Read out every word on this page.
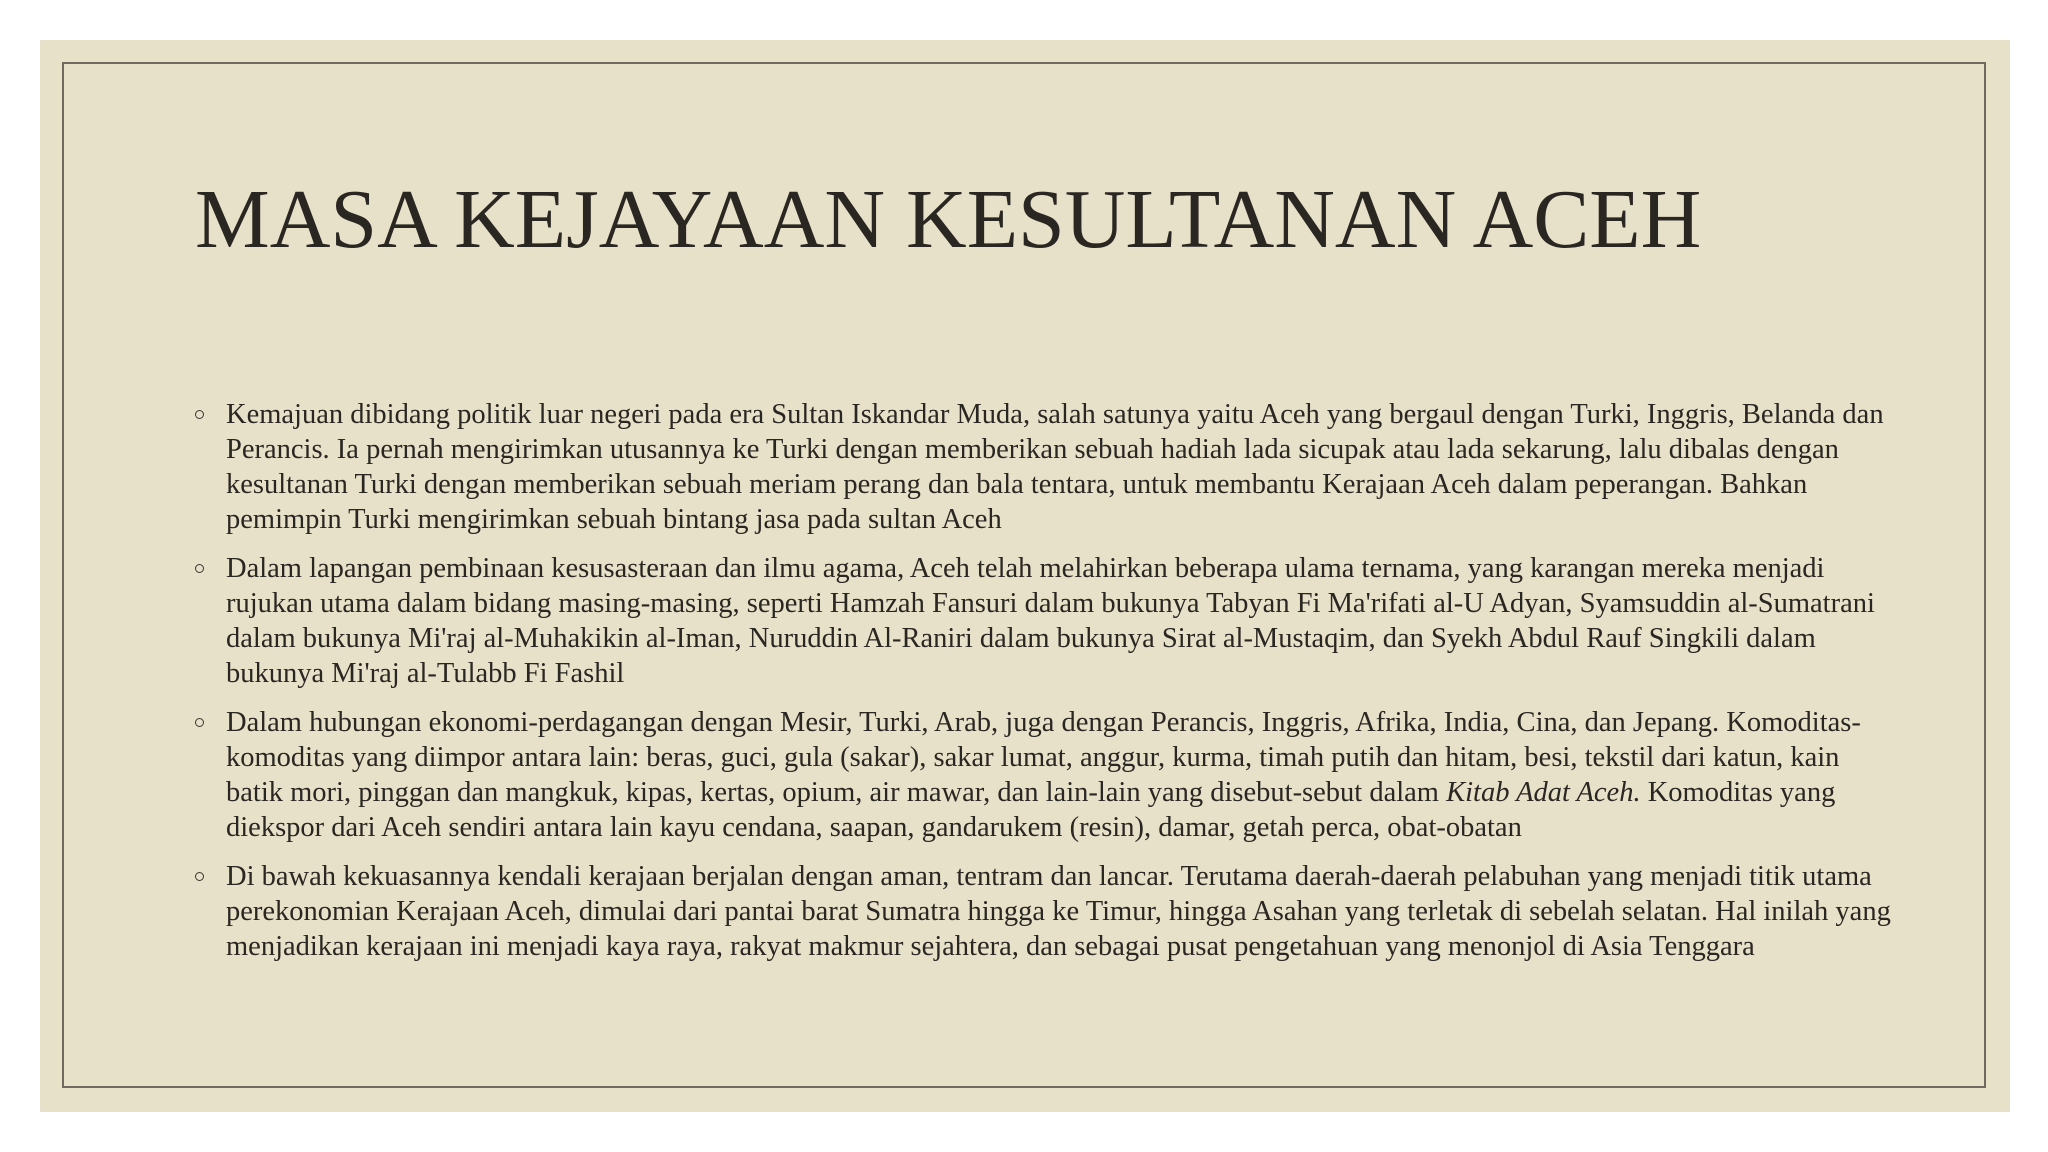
MASA KEJAYAAN KESULTANAN ACEH
Kemajuan dibidang politik luar negeri pada era Sultan Iskandar Muda, salah satunya yaitu Aceh yang bergaul dengan Turki, Inggris, Belanda dan Perancis. Ia pernah mengirimkan utusannya ke Turki dengan memberikan sebuah hadiah lada sicupak atau lada sekarung, lalu dibalas dengan kesultanan Turki dengan memberikan sebuah meriam perang dan bala tentara, untuk membantu Kerajaan Aceh dalam peperangan. Bahkan pemimpin Turki mengirimkan sebuah bintang jasa pada sultan Aceh
Dalam lapangan pembinaan kesusasteraan dan ilmu agama, Aceh telah melahirkan beberapa ulama ternama, yang karangan mereka menjadi rujukan utama dalam bidang masing-masing, seperti Hamzah Fansuri dalam bukunya Tabyan Fi Ma'rifati al-U Adyan, Syamsuddin al-Sumatrani dalam bukunya Mi'raj al-Muhakikin al-Iman, Nuruddin Al-Raniri dalam bukunya Sirat al-Mustaqim, dan Syekh Abdul Rauf Singkili dalam bukunya Mi'raj al-Tulabb Fi Fashil
Dalam hubungan ekonomi-perdagangan dengan Mesir, Turki, Arab, juga dengan Perancis, Inggris, Afrika, India, Cina, dan Jepang. Komoditas-komoditas yang diimpor antara lain: beras, guci, gula (sakar), sakar lumat, anggur, kurma, timah putih dan hitam, besi, tekstil dari katun, kain batik mori, pinggan dan mangkuk, kipas, kertas, opium, air mawar, dan lain-lain yang disebut-sebut dalam Kitab Adat Aceh. Komoditas yang diekspor dari Aceh sendiri antara lain kayu cendana, saapan, gandarukem (resin), damar, getah perca, obat-obatan
Di bawah kekuasannya kendali kerajaan berjalan dengan aman, tentram dan lancar. Terutama daerah-daerah pelabuhan yang menjadi titik utama perekonomian Kerajaan Aceh, dimulai dari pantai barat Sumatra hingga ke Timur, hingga Asahan yang terletak di sebelah selatan. Hal inilah yang menjadikan kerajaan ini menjadi kaya raya, rakyat makmur sejahtera, dan sebagai pusat pengetahuan yang menonjol di Asia Tenggara
